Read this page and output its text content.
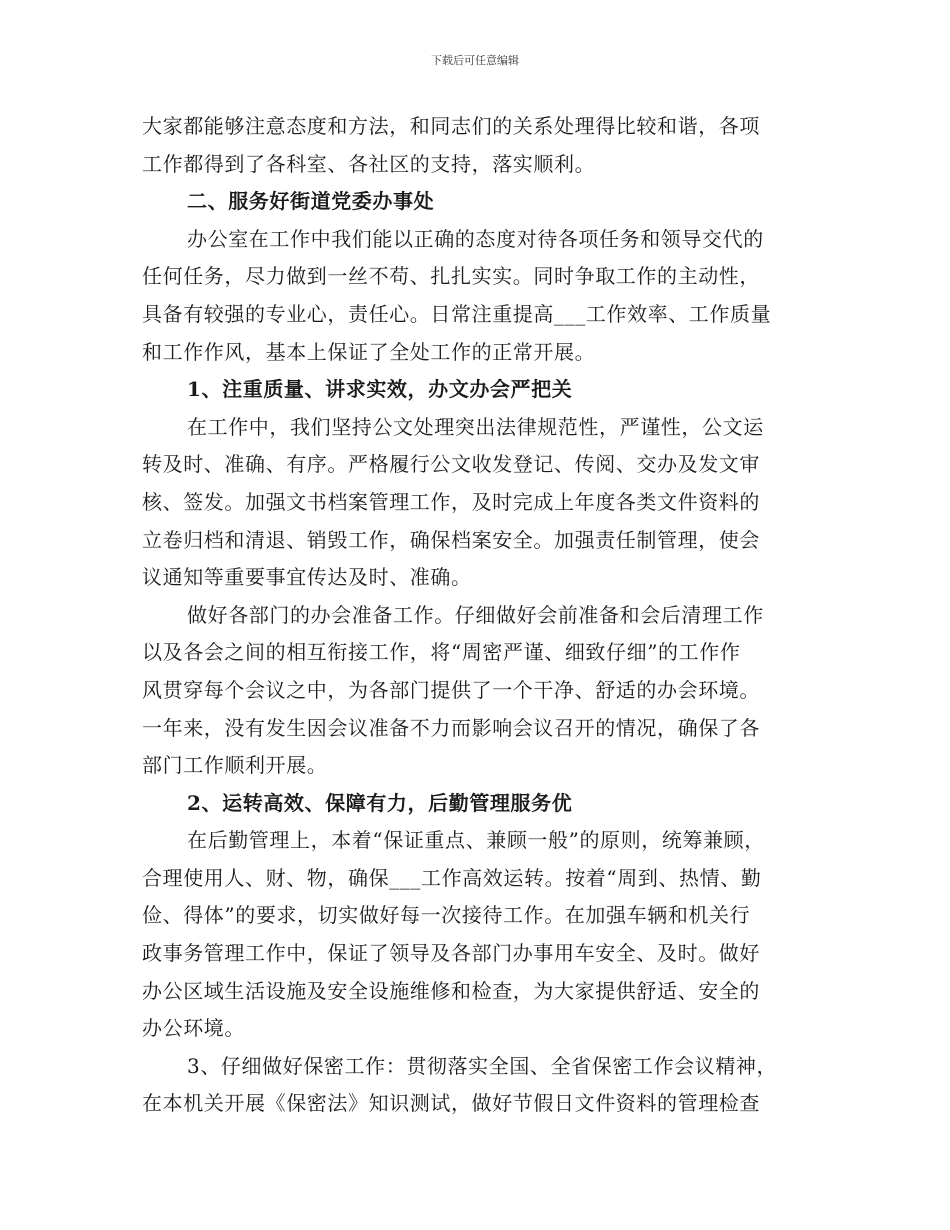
下载后可任意编辑
大家都能够注意态度和方法，和同志们的关系处理得比较和谐，各项
工作都得到了各科室、各社区的支持，落实顺利。
二、服务好街道党委办事处
办公室在工作中我们能以正确的态度对待各项任务和领导交代的
任何任务，尽力做到一丝不苟、扎扎实实。同时争取工作的主动性，
具备有较强的专业心，责任心。日常注重提高___工作效率、工作质量
和工作作风，基本上保证了全处工作的正常开展。
1、注重质量、讲求实效，办文办会严把关
在工作中，我们坚持公文处理突出法律规范性，严谨性，公文运
转及时、准确、有序。严格履行公文收发登记、传阅、交办及发文审
核、签发。加强文书档案管理工作，及时完成上年度各类文件资料的
立卷归档和清退、销毁工作，确保档案安全。加强责任制管理，使会
议通知等重要事宜传达及时、准确。
做好各部门的办会准备工作。仔细做好会前准备和会后清理工作
以及各会之间的相互衔接工作，将“周密严谨、细致仔细”的工作作
风贯穿每个会议之中，为各部门提供了一个干净、舒适的办会环境。
一年来，没有发生因会议准备不力而影响会议召开的情况，确保了各
部门工作顺利开展。
2、运转高效、保障有力，后勤管理服务优
在后勤管理上，本着“保证重点、兼顾一般”的原则，统筹兼顾，
合理使用人、财、物，确保___工作高效运转。按着“周到、热情、勤
俭、得体”的要求，切实做好每一次接待工作。在加强车辆和机关行
政事务管理工作中，保证了领导及各部门办事用车安全、及时。做好
办公区域生活设施及安全设施维修和检查，为大家提供舒适、安全的
办公环境。
3、仔细做好保密工作：贯彻落实全国、全省保密工作会议精神，
在本机关开展《保密法》知识测试，做好节假日文件资料的管理检查
